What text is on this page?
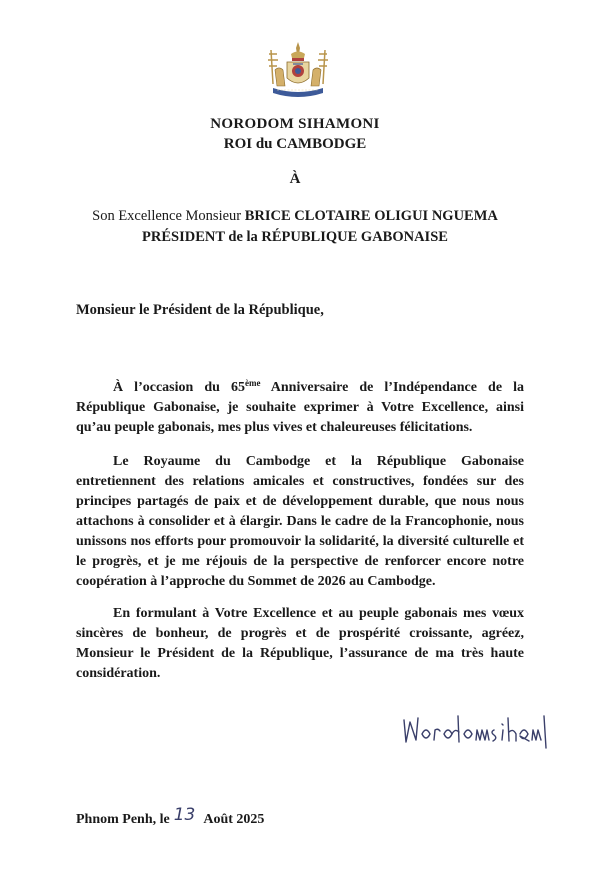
NORODOM SIHAMONI
ROI du CAMBODGE
À
Son Excellence Monsieur BRICE CLOTAIRE OLIGUI NGUEMA
PRÉSIDENT de la RÉPUBLIQUE GABONAISE
Monsieur le Président de la République,

À l’occasion du 65ème Anniversaire de l’Indépendance de la République Gabonaise, je souhaite exprimer à Votre Excellence, ainsi qu’au peuple gabonais, mes plus vives et chaleureuses félicitations.

Le Royaume du Cambodge et la République Gabonaise entretiennent des relations amicales et constructives, fondées sur des principes partagés de paix et de développement durable, que nous nous attachons à consolider et à élargir. Dans le cadre de la Francophonie, nous unissons nos efforts pour promouvoir la solidarité, la diversité culturelle et le progrès, et je me réjouis de la perspective de renforcer encore notre coopération à l’approche du Sommet de 2026 au Cambodge.

En formulant à Votre Excellence et au peuple gabonais mes vœux sincères de bonheur, de progrès et de prospérité croissante, agréez, Monsieur le Président de la République, l’assurance de ma très haute considération.

Phnom Penh, le 13 Août 2025
